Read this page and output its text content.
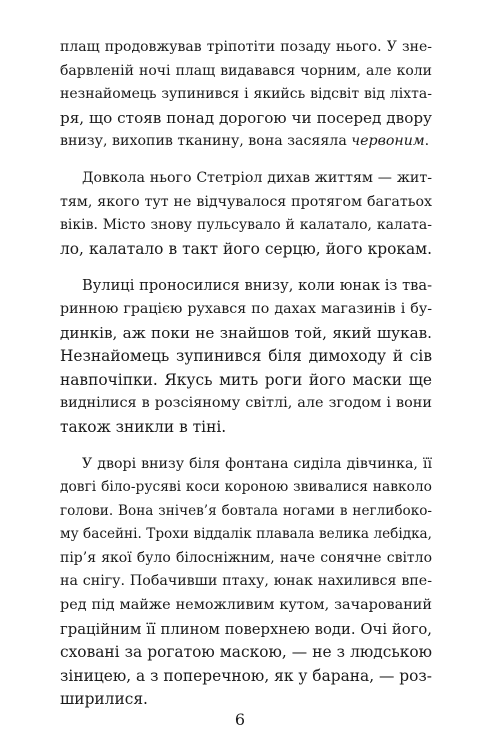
плащ продовжував тріпотіти позаду нього. У зне-
барвленій ночі плащ видавався чорним, але коли
незнайомець зупинився і якийсь відсвіт від ліхта-
ря, що стояв понад дорогою чи посеред двору
внизу, вихопив тканину, вона засяяла червоним.

Довкола нього Стетріол дихав життям — жит-
тям, якого тут не відчувалося протягом багатьох
віків. Місто знову пульсувало й калатало, калата-
ло, калатало в такт його серцю, його крокам.

Вулиці проносилися внизу, коли юнак із тва-
ринною грацією рухався по дахах магазинів і бу-
динків, аж поки не знайшов той, який шукав.
Незнайомець зупинився біля димоходу й сів
навпочіпки. Якусь мить роги його маски ще
виднілися в розсіяному світлі, але згодом і вони
також зникли в тіні.

У дворі внизу біля фонтана сиділа дівчинка, її
довгі біло-русяві коси короною звивалися навколо
голови. Вона знічев’я бовтала ногами в неглибоко-
му басейні. Трохи віддалік плавала велика лебідка,
пір’я якої було білосніжним, наче сонячне світло
на снігу. Побачивши птаху, юнак нахилився впе-
ред під майже неможливим кутом, зачарований
граційним її плином поверхнею води. Очі його,
сховані за рогатою маскою, — не з людською
зіницею, а з поперечною, як у барана, — роз-
ширилися.

6
